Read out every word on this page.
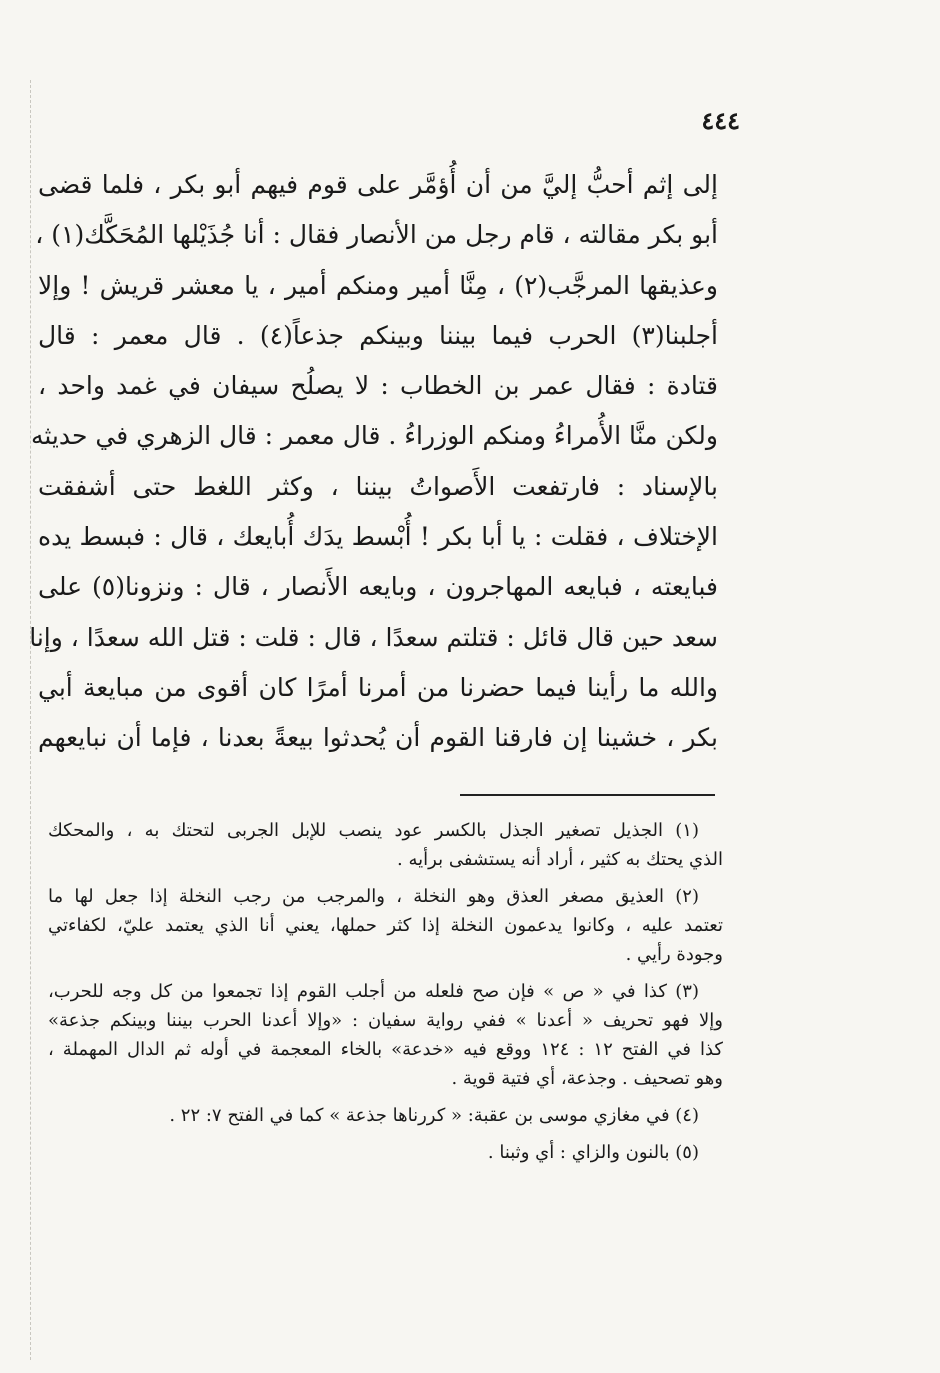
٤٤٤
إلى إثم أحبُّ إليَّ من أن أُؤمَّر على قوم فيهم أبو بكر ، فلما قضى
أبو بكر مقالته ، قام رجل من الأنصار فقال : أنا جُذَيْلها المُحَكَّك(١) ،
وعذيقها المرجَّب(٢) ، مِنَّا أمير ومنكم أمير ، يا معشر قريش ! وإلا
أجلبنا(٣) الحرب فيما بيننا وبينكم جذعاً(٤) . قال معمر : قال
قتادة : فقال عمر بن الخطاب : لا يصلُح سيفان في غمد واحد ،
ولكن منَّا الأُمراءُ ومنكم الوزراءُ . قال معمر : قال الزهري في حديثه
بالإسناد : فارتفعت الأَصواتُ بيننا ، وكثر اللغط حتى أشفقت
الإختلاف ، فقلت : يا أبا بكر ! أُبْسط يدَك أُبايعك ، قال : فبسط يده
فبايعته ، فبايعه المهاجرون ، وبايعه الأَنصار ، قال : ونزونا(٥) على
سعد حين قال قائل : قتلتم سعدًا ، قال : قلت : قتل الله سعدًا ، وإنا
والله ما رأينا فيما حضرنا من أمرنا أمرًا كان أقوى من مبايعة أبي
بكر ، خشينا إن فارقنا القوم أن يُحدثوا بيعةً بعدنا ، فإما أن نبايعهم
(١) الجذيل تصغير الجذل بالكسر عود ينصب للإبل الجربى لتحتك به ، والمحكك
الذي يحتك به كثير ، أراد أنه يستشفى برأيه .
(٢) العذيق مصغر العذق وهو النخلة ، والمرجب من رجب النخلة إذا جعل لها ما
تعتمد عليه ، وكانوا يدعمون النخلة إذا كثر حملها، يعني أنا الذي يعتمد عليّ، لكفاءتي
وجودة رأيي .
(٣) كذا في « ص » فإن صح فلعله من أجلب القوم إذا تجمعوا من كل وجه للحرب،
وإلا فهو تحريف « أعدنا » ففي رواية سفيان : «وإلا أعدنا الحرب بيننا وبينكم جذعة»
كذا في الفتح ١٢ : ١٢٤ ووقع فيه «خدعة» بالخاء المعجمة في أوله ثم الدال المهملة ،
وهو تصحيف . وجذعة، أي فتية قوية .
(٤) في مغازي موسى بن عقبة: « كررناها جذعة » كما في الفتح ٧: ٢٢ .
(٥) بالنون والزاي : أي وثبنا .
